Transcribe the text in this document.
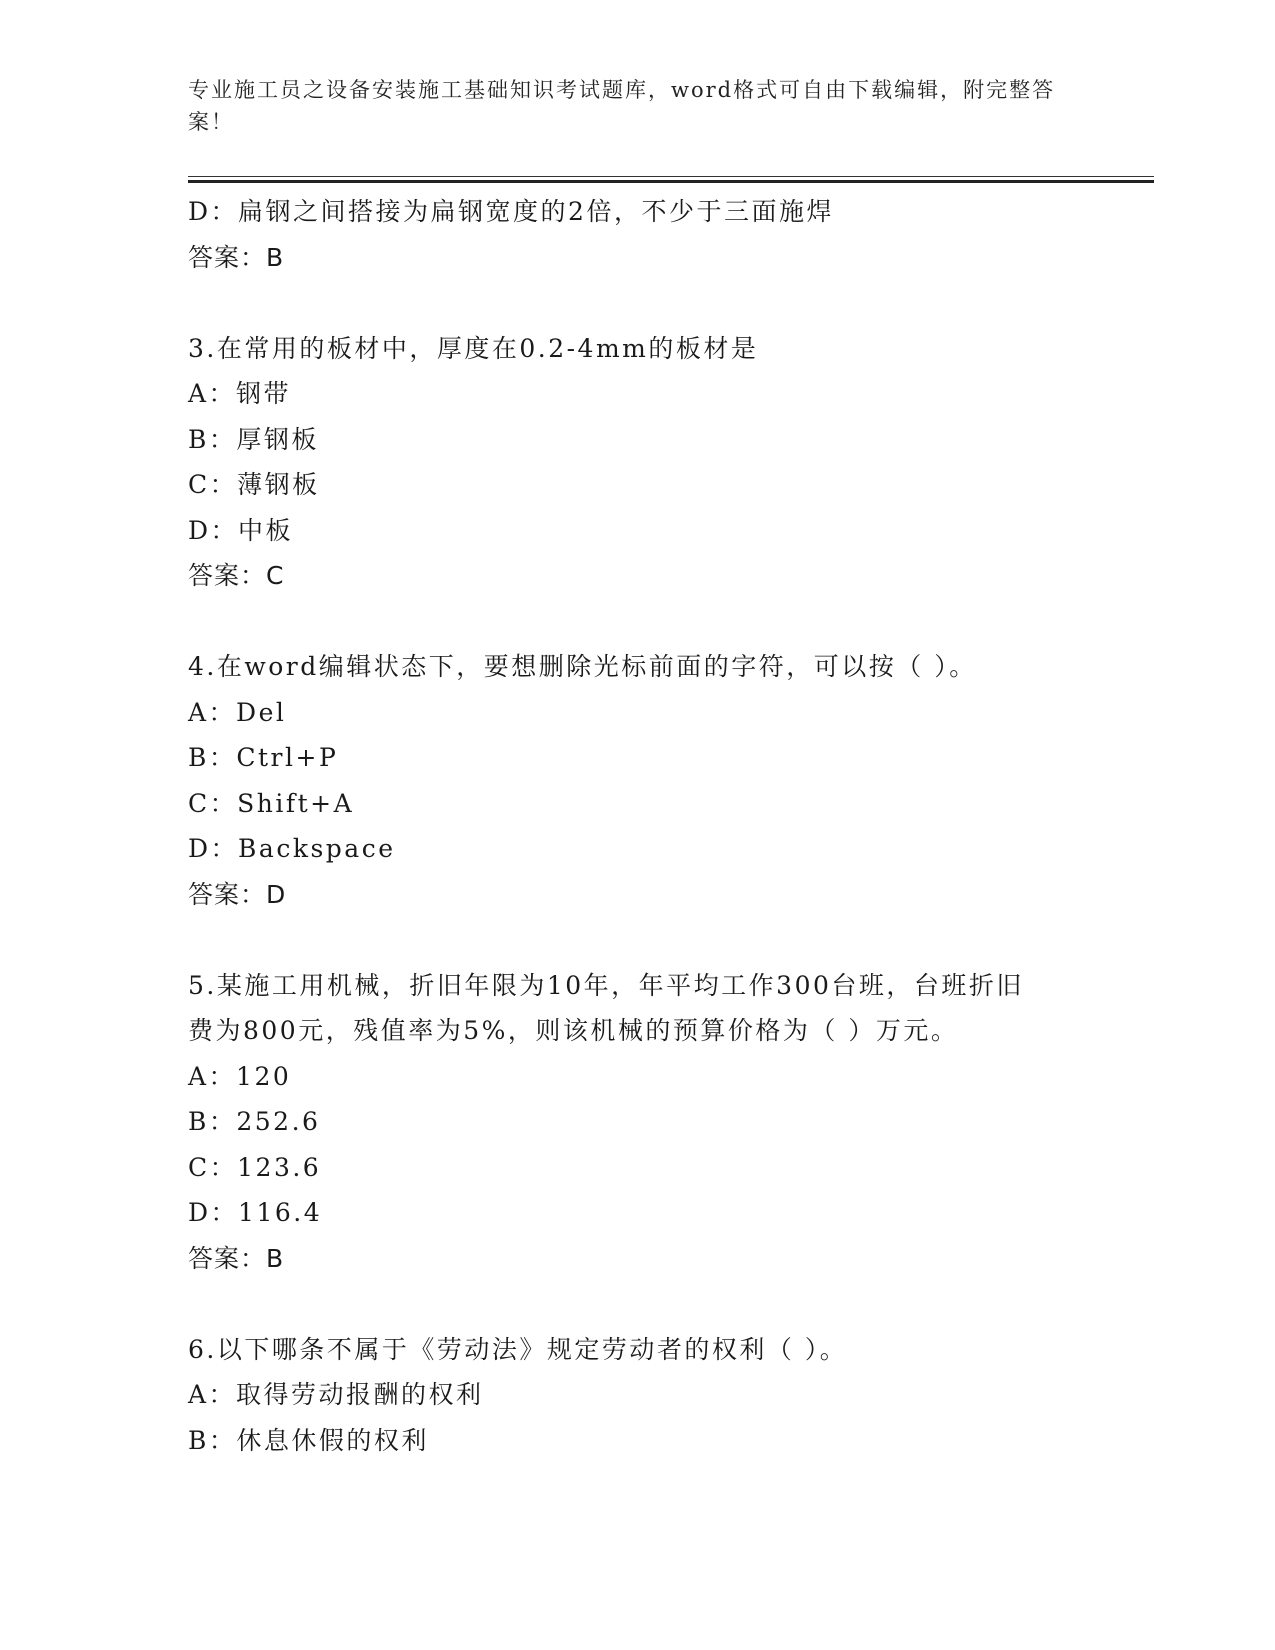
专业施工员之设备安装施工基础知识考试题库，word格式可自由下载编辑，附完整答案！
D：扁钢之间搭接为扁钢宽度的2倍，不少于三面施焊
答案：B
3.在常用的板材中，厚度在0.2-4mm的板材是
A：钢带
B：厚钢板
C：薄钢板
D：中板
答案：C
4.在word编辑状态下，要想删除光标前面的字符，可以按（ ）。
A：Del
B：Ctrl+P
C：Shift+A
D：Backspace
答案：D
5.某施工用机械，折旧年限为10年，年平均工作300台班，台班折旧
费为800元，残值率为5%，则该机械的预算价格为（ ）万元。
A：120
B：252.6
C：123.6
D：116.4
答案：B
6.以下哪条不属于《劳动法》规定劳动者的权利（ ）。
A：取得劳动报酬的权利
B：休息休假的权利
